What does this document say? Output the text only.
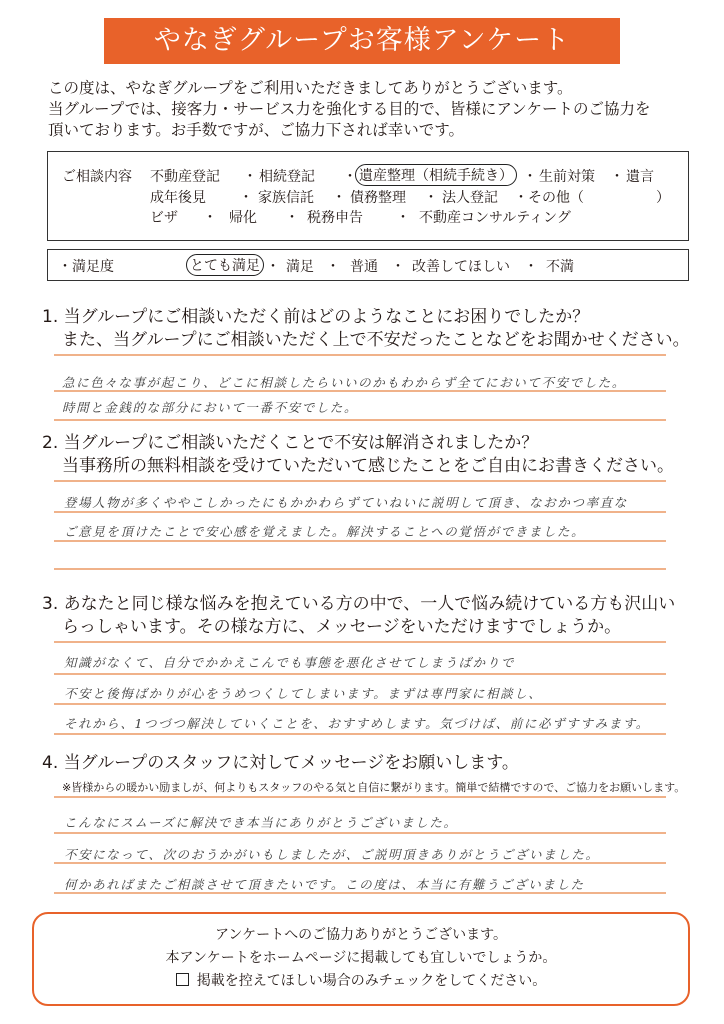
やなぎグループお客様アンケート
この度は、やなぎグループをご利用いただきましてありがとうございます。
当グループでは、接客力・サービス力を強化する目的で、皆様にアンケートのご協力を
頂いております。お手数ですが、ご協力下されば幸いです。
ご相談内容 不動産登記 ・ 相続登記 ・ 遺産整理（相続手続き） ・ 生前対策 ・ 遺言
成年後見 ・ 家族信託 ・ 債務整理 ・ 法人登記 ・その他（	）
ビザ ・ 帰化 ・ 税務申告 ・ 不動産コンサルティング
・満足度	とても満足 ・ 満足 ・ 普通 ・ 改善してほしい ・ 不満
1. 当グループにご相談いただく前はどのようなことにお困りでしたか？
また、当グループにご相談いただく上で不安だったことなどをお聞かせください。
急に色々な事が起こり、どこに相談したらいいのかもわからず全てにおいて不安でした。
時間と金銭的な部分において一番不安でした。
2. 当グループにご相談いただくことで不安は解消されましたか？
当事務所の無料相談を受けていただいて感じたことをご自由にお書きください。
登場人物が多くややこしかったにもかかわらずていねいに説明して頂き、なおかつ率直な
ご意見を頂けたことで安心感を覚えました。解決することへの覚悟ができました。
3. あなたと同じ様な悩みを抱えている方の中で、一人で悩み続けている方も沢山い
らっしゃいます。その様な方に、メッセージをいただけますでしょうか。
知識がなくて、自分でかかえこんでも事態を悪化させてしまうばかりで
不安と後悔ばかりが心をうめつくしてしまいます。まずは専門家に相談し、
それから、1つづつ解決していくことを、おすすめします。気づけば、前に必ずすすみます。
4. 当グループのスタッフに対してメッセージをお願いします。
※皆様からの暖かい励ましが、何よりもスタッフのやる気と自信に繋がります。簡単で結構ですので、ご協力をお願いします。
こんなにスムーズに解決でき本当にありがとうございました。
不安になって、次のおうかがいもしましたが、ご説明頂きありがとうございました。
何かあればまたご相談させて頂きたいです。この度は、本当に有難うございました
アンケートへのご協力ありがとうございます。
本アンケートをホームページに掲載しても宜しいでしょうか。
掲載を控えてほしい場合のみチェックをしてください。
